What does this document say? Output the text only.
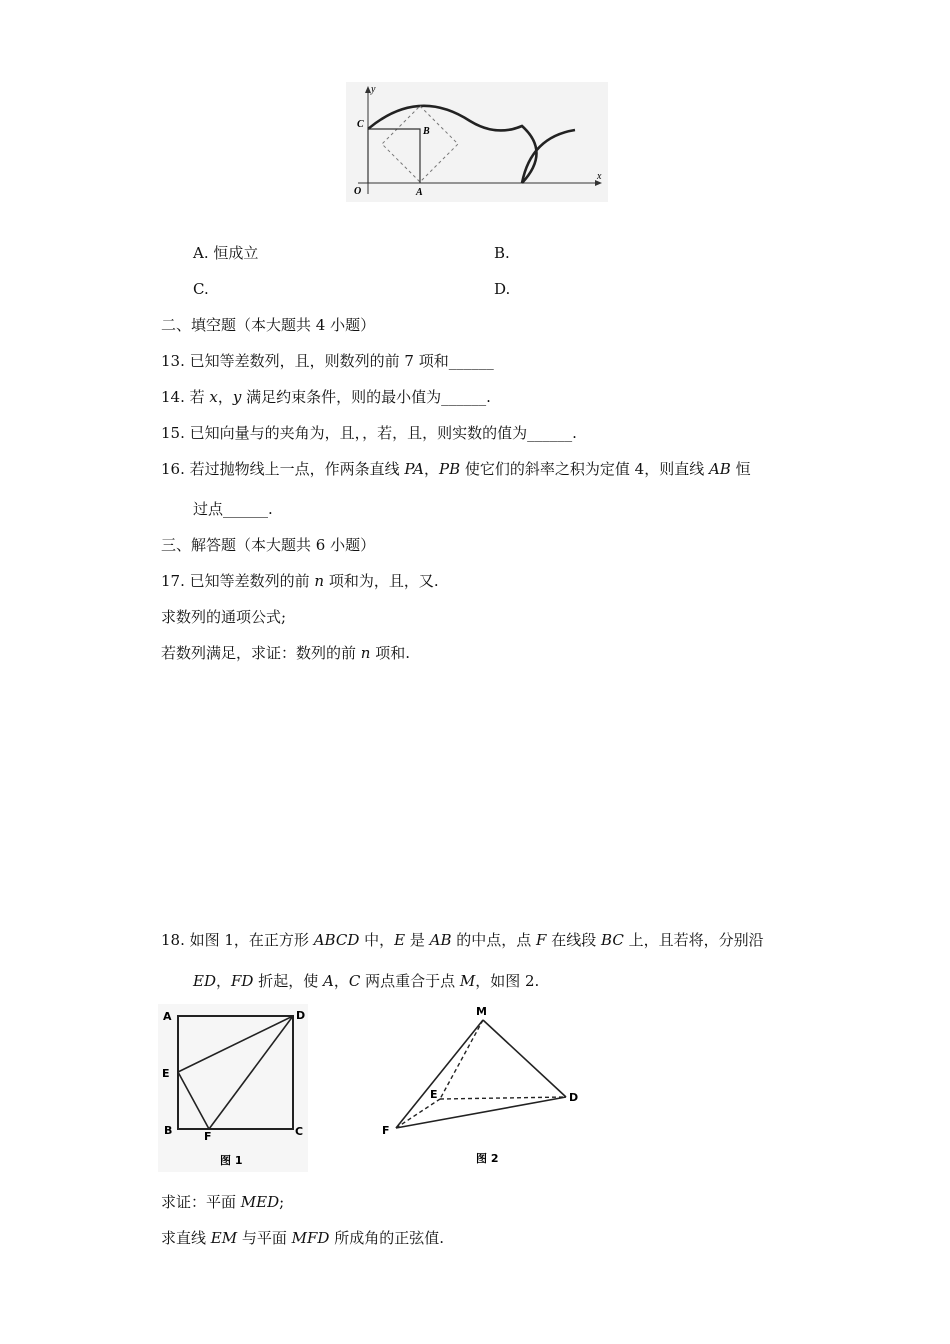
y
x
C
B
O	A
A. 恒成立	B.
C.	D.
二、填空题（本大题共 4 小题）
13. 已知等差数列，且，则数列的前 7 项和______
14. 若 x，y 满足约束条件，则的最小值为______.
15. 已知向量与的夹角为，且，，若，且，则实数的值为______.
16. 若过抛物线上一点，作两条直线 PA，PB 使它们的斜率之积为定值 4，则直线 AB 恒
过点______.
三、解答题（本大题共 6 小题）
17. 已知等差数列的前 n 项和为，且，又.
求数列的通项公式;
若数列满足，求证：数列的前 n 项和.
18. 如图 1，在正方形 ABCD 中，E 是 AB 的中点，点 F 在线段 BC 上，且若将，分别沿
ED，FD 折起，使 A，C 两点重合于点 M，如图 2.
A	D
E
B	F	C
图 1
M
E	D
F
图 2
求证：平面 MED;
求直线 EM 与平面 MFD 所成角的正弦值.
